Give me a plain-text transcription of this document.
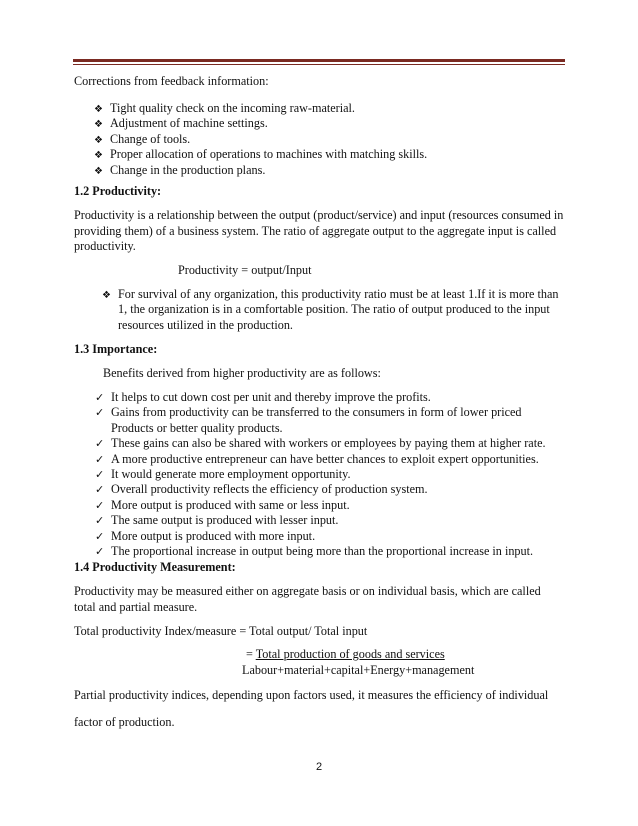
Corrections from feedback information:
❖ Tight quality check on the incoming raw-material.
❖ Adjustment of machine settings.
❖ Change of tools.
❖ Proper allocation of operations to machines with matching skills.
❖ Change in the production plans.
1.2 Productivity:
Productivity is a relationship between the output (product/service) and input (resources consumed in providing them) of a business system. The ratio of aggregate output to the aggregate input is called productivity.
Productivity = output/Input
❖ For survival of any organization, this productivity ratio must be at least 1.If it is more than 1, the organization is in a comfortable position. The ratio of output produced to the input resources utilized in the production.
1.3 Importance:
Benefits derived from higher productivity are as follows:
✓ It helps to cut down cost per unit and thereby improve the profits.
✓ Gains from productivity can be transferred to the consumers in form of lower priced Products or better quality products.
✓ These gains can also be shared with workers or employees by paying them at higher rate.
✓ A more productive entrepreneur can have better chances to exploit expert opportunities.
✓ It would generate more employment opportunity.
✓ Overall productivity reflects the efficiency of production system.
✓ More output is produced with same or less input.
✓ The same output is produced with lesser input.
✓ More output is produced with more input.
✓ The proportional increase in output being more than the proportional increase in input.
1.4 Productivity Measurement:
Productivity may be measured either on aggregate basis or on individual basis, which are called total and partial measure.
Total productivity Index/measure = Total output/ Total input
= Total production of goods and services
Labour+material+capital+Energy+management
Partial productivity indices, depending upon factors used, it measures the efficiency of individual
factor of production.
2
